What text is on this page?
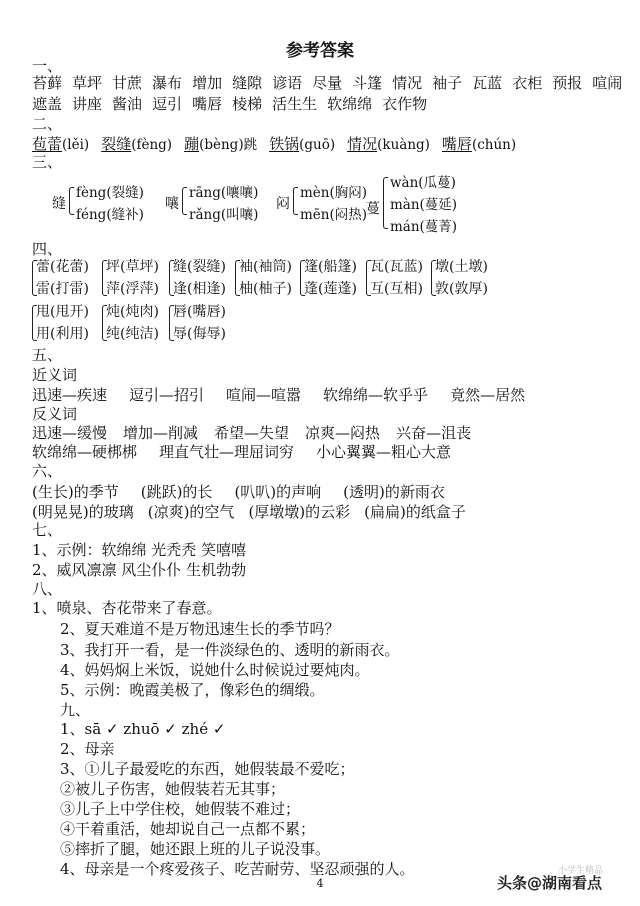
参考答案
一、
苔藓 草坪 甘蔗 瀑布 增加 缝隙 谚语 尽量 斗篷 情况 袖子 瓦蓝 衣柜 预报 喧闹
遮盖 讲座 酱油 逗引 嘴唇 棱梯 活生生 软绵绵 衣作物
二、
苞蕾(lěi) 裂缝(fèng) 蹦(bèng)跳 铁锅(guō) 情况(kuàng) 嘴唇(chún)
三、
缝
fèng(裂缝)
féng(缝补)
嚷
rāng(嚷嚷)
rǎng(叫嚷)
闷
mèn(胸闷)
mēn(闷热)
蔓
wàn(瓜蔓)
màn(蔓延)
mán(蔓菁)
四、
蕾(花蕾)
雷(打雷)
坪(草坪)
萍(浮萍)
缝(裂缝)
逢(相逢)
袖(袖筒)
柚(柚子)
篷(船篷)
蓬(莲蓬)
瓦(瓦蓝)
互(互相)
墩(土墩)
敦(敦厚)
甩(甩开)
用(利用)
炖(炖肉)
纯(纯洁)
唇(嘴唇)
辱(侮辱)
五、
近义词
迅速—疾速 逗引—招引 喧闹—喧嚣 软绵绵—软乎乎 竟然—居然
反义词
迅速—缓慢 增加—削减 希望—失望 凉爽—闷热 兴奋—沮丧
软绵绵—硬梆梆 理直气壮—理屈词穷 小心翼翼—粗心大意
六、
(生长)的季节 (跳跃)的长 (叭叭)的声响 (透明)的新雨衣
(明晃晃)的玻璃 (凉爽)的空气 (厚墩墩)的云彩 (扁扁)的纸盒子
七、
1、示例：软绵绵 光秃秃 笑嘻嘻
2、威风凛凛 风尘仆仆 生机勃勃
八、
1、喷泉、杏花带来了春意。
2、夏天难道不是万物迅速生长的季节吗？
3、我打开一看，是一件淡绿色的、透明的新雨衣。
4、妈妈焖上米饭，说她什么时候说过要炖肉。
5、示例：晚霞美极了，像彩色的绸缎。
九、
1、sā ✓ zhuō ✓ zhé ✓
2、母亲
3、①儿子最爱吃的东西，她假装最不爱吃；
②被儿子伤害，她假装若无其事；
③儿子上中学住校，她假装不难过；
④干着重活，她却说自己一点都不累；
⑤摔折了腿，她还跟上班的儿子说没事。
4、母亲是一个疼爱孩子、吃苦耐劳、坚忍顽强的人。
4
小学生精品
头条@湖南看点
